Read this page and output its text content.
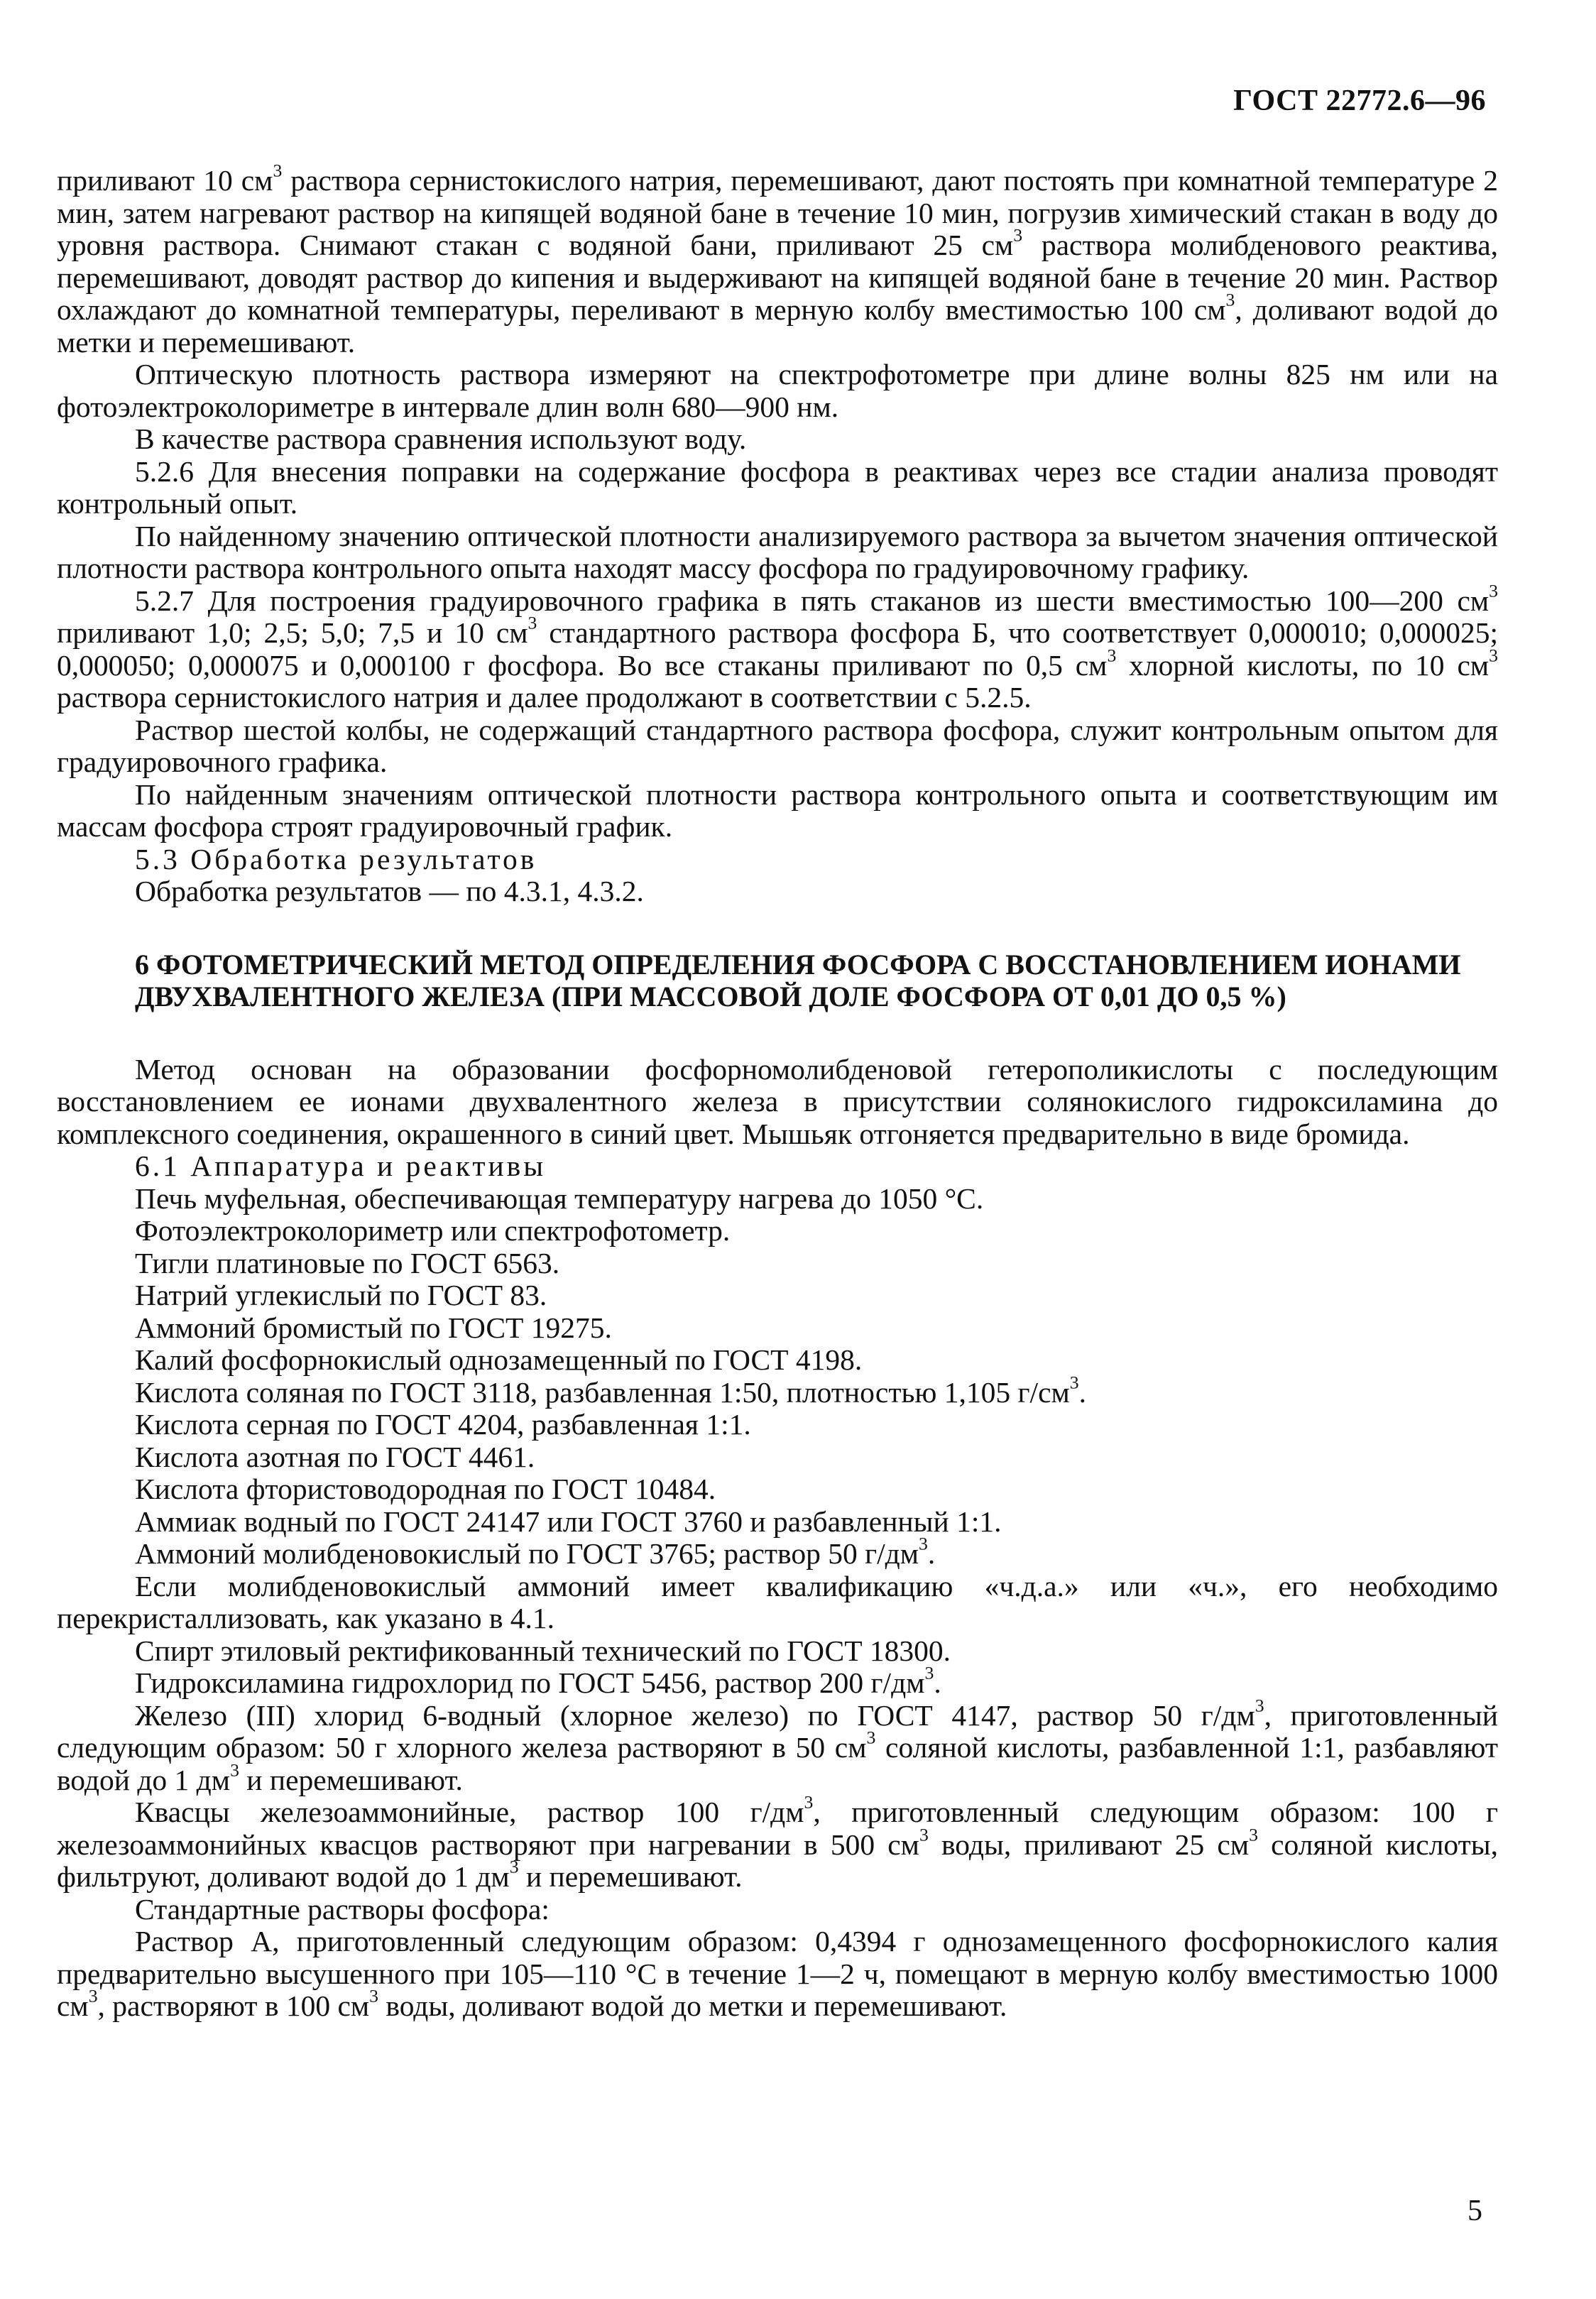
ГОСТ 22772.6—96

приливают 10 $см^3$ раствора сернистокислого натрия, перемешивают, дают постоять при комнатной температуре 2 мин, затем нагревают раствор на кипящей водяной бане в течение 10 мин, погрузив химический стакан в воду до уровня раствора. Снимают стакан с водяной бани, приливают 25 $см^3$ раствора молибденового реактива, перемешивают, доводят раствор до кипения и выдерживают на кипящей водяной бане в течение 20 мин. Раствор охлаждают до комнатной температуры, переливают в мерную колбу вместимостью 100 $см^3$, доливают водой до метки и перемешивают.

Оптическую плотность раствора измеряют на спектрофотометре при длине волны 825 нм или на фотоэлектроколориметре в интервале длин волн 680—900 нм.

В качестве раствора сравнения используют воду.

5.2.6 Для внесения поправки на содержание фосфора в реактивах через все стадии анализа проводят контрольный опыт.

По найденному значению оптической плотности анализируемого раствора за вычетом значения оптической плотности раствора контрольного опыта находят массу фосфора по градуировочному графику.

5.2.7 Для построения градуировочного графика в пять стаканов из шести вместимостью 100—200 $см^3$ приливают 1,0; 2,5; 5,0; 7,5 и 10 $см^3$ стандартного раствора фосфора Б, что соответствует 0,000010; 0,000025; 0,000050; 0,000075 и 0,000100 г фосфора. Во все стаканы приливают по 0,5 $см^3$ хлорной кислоты, по 10 $см^3$ раствора сернистокислого натрия и далее продолжают в соответствии с 5.2.5.

Раствор шестой колбы, не содержащий стандартного раствора фосфора, служит контрольным опытом для градуировочного графика.

По найденным значениям оптической плотности раствора контрольного опыта и соответствующим им массам фосфора строят градуировочный график.

5.3 Обработка результатов

Обработка результатов — по 4.3.1, 4.3.2.

6 ФОТОМЕТРИЧЕСКИЙ МЕТОД ОПРЕДЕЛЕНИЯ ФОСФОРА С ВОССТАНОВЛЕНИЕМ ИОНАМИ ДВУХВАЛЕНТНОГО ЖЕЛЕЗА (ПРИ МАССОВОЙ ДОЛЕ ФОСФОРА ОТ 0,01 ДО 0,5 %)

Метод основан на образовании фосфорномолибденовой гетерополикислоты с последующим восстановлением ее ионами двухвалентного железа в присутствии солянокислого гидроксиламина до комплексного соединения, окрашенного в синий цвет. Мышьяк отгоняется предварительно в виде бромида.

6.1 Аппаратура и реактивы

Печь муфельная, обеспечивающая температуру нагрева до 1050 °С.

Фотоэлектроколориметр или спектрофотометр.

Тигли платиновые по ГОСТ 6563.

Натрий углекислый по ГОСТ 83.

Аммоний бромистый по ГОСТ 19275.

Калий фосфорнокислый однозамещенный по ГОСТ 4198.

Кислота соляная по ГОСТ 3118, разбавленная 1:50, плотностью 1,105 $г/см^3$.

Кислота серная по ГОСТ 4204, разбавленная 1:1.

Кислота азотная по ГОСТ 4461.

Кислота фтористоводородная по ГОСТ 10484.

Аммиак водный по ГОСТ 24147 или ГОСТ 3760 и разбавленный 1:1.

Аммоний молибденовокислый по ГОСТ 3765; раствор 50 $г/дм^3$.

Если молибденовокислый аммоний имеет квалификацию «ч.д.а.» или «ч.», его необходимо перекристаллизовать, как указано в 4.1.

Спирт этиловый ректификованный технический по ГОСТ 18300.

Гидроксиламина гидрохлорид по ГОСТ 5456, раствор 200 $г/дм^3$.

Железо (III) хлорид 6-водный (хлорное железо) по ГОСТ 4147, раствор 50 $г/дм^3$, приготовленный следующим образом: 50 г хлорного железа растворяют в 50 $см^3$ соляной кислоты, разбавленной 1:1, разбавляют водой до 1 $дм^3$ и перемешивают.

Квасцы железоаммонийные, раствор 100 $г/дм^3$, приготовленный следующим образом: 100 г железоаммонийных квасцов растворяют при нагревании в 500 $см^3$ воды, приливают 25 $см^3$ соляной кислоты, фильтруют, доливают водой до 1 $дм^3$ и перемешивают.

Стандартные растворы фосфора:

Раствор А, приготовленный следующим образом: 0,4394 г однозамещенного фосфорнокислого калия предварительно высушенного при 105—110 °С в течение 1—2 ч, помещают в мерную колбу вместимостью 1000 $см^3$, растворяют в 100 $см^3$ воды, доливают водой до метки и перемешивают.

5
